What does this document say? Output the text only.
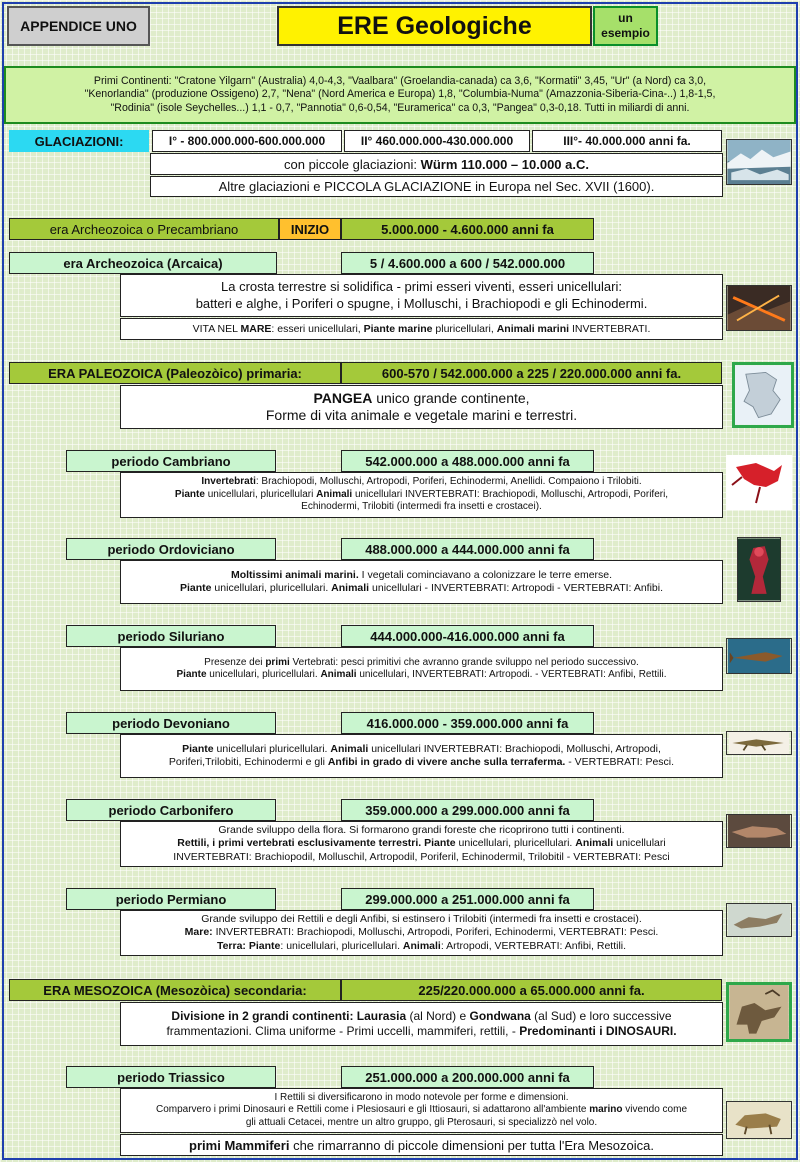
APPENDICE UNO	ERE Geologiche	un
esempio
Primi Continenti: "Cratone Yilgarn" (Australia) 4,0-4,3, "Vaalbara" (Groelandia-canada) ca 3,6, "Kormatii" 3,45, "Ur" (a Nord) ca 3,0,
"Kenorlandia" (produzione Ossigeno) 2,7, "Nena" (Nord America e Europa) 1,8, "Columbia-Numa" (Amazzonia-Siberia-Cina-..) 1,8-1,5,
"Rodinia" (isole Seychelles...) 1,1 - 0,7, "Pannotia" 0,6-0,54, "Euramerica" ca 0,3, "Pangea" 0,3-0,18. Tutti in miliardi di anni.
GLACIAZIONI:	I° - 800.000.000-600.000.000	II° 460.000.000-430.000.000	III°- 40.000.000 anni fa.
con piccole glaciazioni:
Würm 110.000 – 10.000 a.C.
Altre glaciazioni e PICCOLA GLACIAZIONE in Europa nel Sec. XVII (1600).
era Archeozoica o Precambriano	INIZIO	5.000.000 - 4.600.000 anni fa
era Archeozoica (Arcaica)	5 / 4.600.000 a 600 / 542.000.000
La crosta terrestre si solidifica - primi esseri viventi, esseri unicellulari:
batteri e alghe, i Poriferi o spugne, i Molluschi, i Brachiopodi e gli Echinodermi.
VITA NEL MARE: esseri unicellulari, Piante marine pluricellulari, Animali marini INVERTEBRATI.
ERA PALEOZOICA (Paleozòico) primaria:	600-570 / 542.000.000 a 225 / 220.000.000 anni fa.
PANGEA unico grande continente,
Forme di vita animale e vegetale marini e terrestri.
periodo Cambriano	542.000.000 a 488.000.000 anni fa
Invertebrati: Brachiopodi, Molluschi, Artropodi, Poriferi, Echinodermi, Anellidi. Compaiono i Trilobiti.
Piante unicellulari, pluricellulari Animali unicellulari INVERTEBRATI: Brachiopodi, Molluschi, Artropodi, Poriferi,
Echinodermi, Trilobiti (intermedi fra insetti e crostacei).
periodo Ordoviciano	488.000.000 a 444.000.000 anni fa
Moltissimi animali marini. I vegetali cominciavano a colonizzare le terre emerse.
Piante unicellulari, pluricellulari. Animali unicellulari - INVERTEBRATI: Artropodi - VERTEBRATI: Anfibi.
periodo Siluriano	444.000.000-416.000.000 anni fa
Presenze dei primi Vertebrati: pesci primitivi che avranno grande sviluppo nel periodo successivo.
Piante unicellulari, pluricellulari. Animali unicellulari, INVERTEBRATI: Artropodi. - VERTEBRATI: Anfibi, Rettili.
periodo Devoniano	416.000.000 - 359.000.000 anni fa
Piante unicellulari pluricellulari. Animali unicellulari INVERTEBRATI: Brachiopodi, Molluschi, Artropodi,
Poriferi,Trilobiti, Echinodermi e gli Anfibi in grado di vivere anche sulla terraferma. - VERTEBRATI: Pesci.
periodo Carbonifero	359.000.000 a 299.000.000 anni fa
Grande sviluppo della flora. Si formarono grandi foreste che ricoprirono tutti i continenti.
Rettili, i primi vertebrati esclusivamente terrestri. Piante unicellulari, pluricellulari. Animali unicellulari
INVERTEBRATI: Brachiopodil, Molluschil, Artropodil, Poriferil, Echinodermil, Trilobitil - VERTEBRATI: Pesci
periodo Permiano	299.000.000 a 251.000.000 anni fa
Grande sviluppo dei Rettili e degli Anfibi, si estinsero i Trilobiti (intermedi fra insetti e crostacei).
Mare: INVERTEBRATI: Brachiopodi, Molluschi, Artropodi, Poriferi, Echinodermi, VERTEBRATI: Pesci.
Terra: Piante: unicellulari, pluricellulari. Animali: Artropodi, VERTEBRATI: Anfibi, Rettili.
ERA MESOZOICA (Mesozòica) secondaria:	225/220.000.000 a 65.000.000 anni fa.
Divisione in 2 grandi continenti: Laurasia (al Nord) e Gondwana (al Sud) e loro successive
frammentazioni. Clima uniforme - Primi uccelli, mammiferi, rettili, - Predominanti i DINOSAURI.
periodo Triassico	251.000.000 a 200.000.000 anni fa
I Rettili si diversificarono in modo notevole per forme e dimensioni.
Comparvero i primi Dinosauri e Rettili come i Plesiosauri e gli Ittiosauri, si adattarono all'ambiente marino vivendo come
gli attuali Cetacei, mentre un altro gruppo, gli Pterosauri, si specializzò nel volo.
primi Mammiferi che rimarranno di piccole dimensioni per tutta l'Era Mesozoica.
